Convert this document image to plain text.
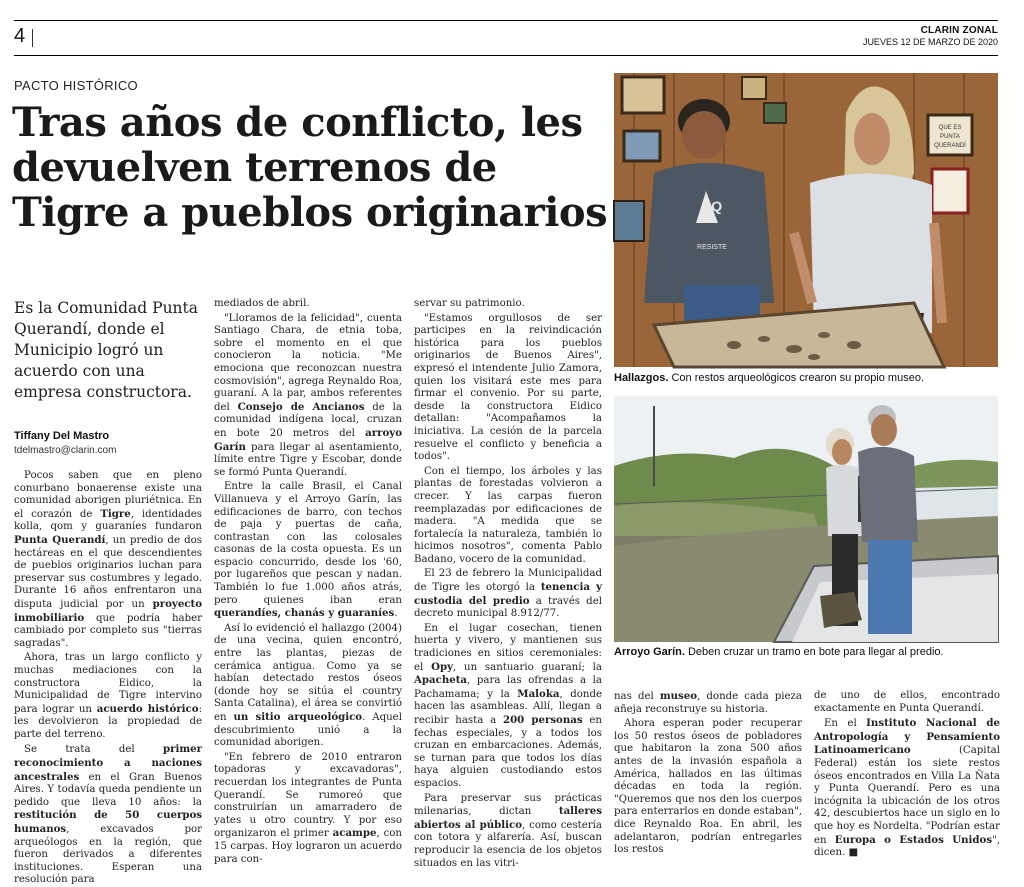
4	CLARIN ZONAL
JUEVES 12 DE MARZO DE 2020
PACTO HISTÓRICO
Tras años de conflicto, les devuelven terrenos de Tigre a pueblos originarios
Es la Comunidad Punta Querandí, donde el Municipio logró un acuerdo con una empresa constructora.
Tiffany Del Mastro
tdelmastro@clarin.com

Pocos saben que en pleno conurbano bonaerense existe una comunidad aborigen pluriétnica. En el corazón de Tigre, identidades kolla, qom y guaraníes fundaron Punta Querandí, un predio de dos hectáreas en el que descendientes de pueblos originarios luchan para preservar sus costumbres y legado. Durante 16 años enfrentaron una disputa judicial por un proyecto inmobiliario que podría haber cambiado por completo sus "tierras sagradas".

Ahora, tras un largo conflicto y muchas mediaciones con la constructora Eidico, la Municipalidad de Tigre intervino para lograr un acuerdo histórico: les devolvieron la propiedad de parte del terreno.

Se trata del primer reconocimiento a naciones ancestrales en el Gran Buenos Aires. Y todavía queda pendiente un pedido que lleva 10 años: la restitución de 50 cuerpos humanos, excavados por arqueólogos en la región, que fueron derivados a diferentes instituciones. Esperan una resolución para

mediados de abril.

"Lloramos de la felicidad", cuenta Santiago Chara, de etnia toba, sobre el momento en el que conocieron la noticia. "Me emociona que reconozcan nuestra cosmovisión", agrega Reynaldo Roa, guaraní. A la par, ambos referentes del Consejo de Ancianos de la comunidad indígena local, cruzan en bote 20 metros del arroyo Garín para llegar al asentamiento, límite entre Tigre y Escobar, donde se formó Punta Querandí.

Entre la calle Brasil, el Canal Villanueva y el Arroyo Garín, las edificaciones de barro, con techos de paja y puertas de caña, contrastan con las colosales casonas de la costa opuesta. Es un espacio concurrido, desde los '60, por lugareños que pescan y nadan. También lo fue 1.000 años atrás, pero quienes iban eran querandíes, chanás y guaraníes.

Así lo evidenció el hallazgo (2004) de una vecina, quien encontró, entre las plantas, piezas de cerámica antigua. Como ya se habían detectado restos óseos (donde hoy se sitúa el country Santa Catalina), el área se convirtió en un sitio arqueológico. Aquel descubrimiento unió a la comunidad aborigen.

"En febrero de 2010 entraron topadoras y excavadoras", recuerdan los integrantes de Punta Querandí. Se rumoreó que construirían un amarradero de yates u otro country. Y por eso organizaron el primer acampe, con 15 carpas. Hoy lograron un acuerdo para con-

servar su patrimonio.

"Estamos orgullosos de ser participes en la reivindicación histórica para los pueblos originarios de Buenos Aires", expresó el intendente Julio Zamora, quien los visitará este mes para firmar el convenio. Por su parte, desde la constructora Eidico detallan: "Acompañamos la iniciativa. La cesión de la parcela resuelve el conflicto y beneficia a todos".

Con el tiempo, los árboles y las plantas de forestadas volvieron a crecer. Y las carpas fueron reemplazadas por edificaciones de madera. "A medida que se fortalecía la naturaleza, también lo hicimos nosotros", comenta Pablo Badano, vocero de la comunidad.

El 23 de febrero la Municipalidad de Tigre les otorgó la tenencia y custodia del predio a través del decreto municipal 8.912/77.

En el lugar cosechan, tienen huerta y vivero, y mantienen sus tradiciones en sitios ceremoniales: el Opy, un santuario guaraní; la Apacheta, para las ofrendas a la Pachamama; y la Maloka, donde hacen las asambleas. Allí, llegan a recibir hasta a 200 personas en fechas especiales, y a todos los cruzan en embarcaciones. Además, se turnan para que todos los días haya alguien custodiando estos espacios.

Para preservar sus prácticas milenarias, dictan talleres abiertos al público, como cestería con totora y alfarería. Así, buscan reproducir la esencia de los objetos situados en las vitri-

nas del museo, donde cada pieza añeja reconstruye su historia.

Ahora esperan poder recuperar los 50 restos óseos de pobladores que habitaron la zona 500 años antes de la invasión española a América, hallados en las últimas décadas en toda la región. "Queremos que nos den los cuerpos para enterrarlos en donde estaban", dice Reynaldo Roa. En abril, les adelantaron, podrían entregarles los restos

de uno de ellos, encontrado exactamente en Punta Querandí.

En el Instituto Nacional de Antropología y Pensamiento Latinoamericano (Capital Federal) están los siete restos óseos encontrados en Villa La Ñata y Punta Querandí. Pero es una incógnita la ubicación de los otros 42, descubiertos hace un siglo en lo que hoy es Nordelta. "Podrían estar en Europa o Estados Unidos", dicen. ■

QUE ES
PUNTA
QUERANDÍ
PQ
RESISTE
Hallazgos. Con restos arqueológicos crearon su propio museo.
Arroyo Garín. Deben cruzar un tramo en bote para llegar al predio.
